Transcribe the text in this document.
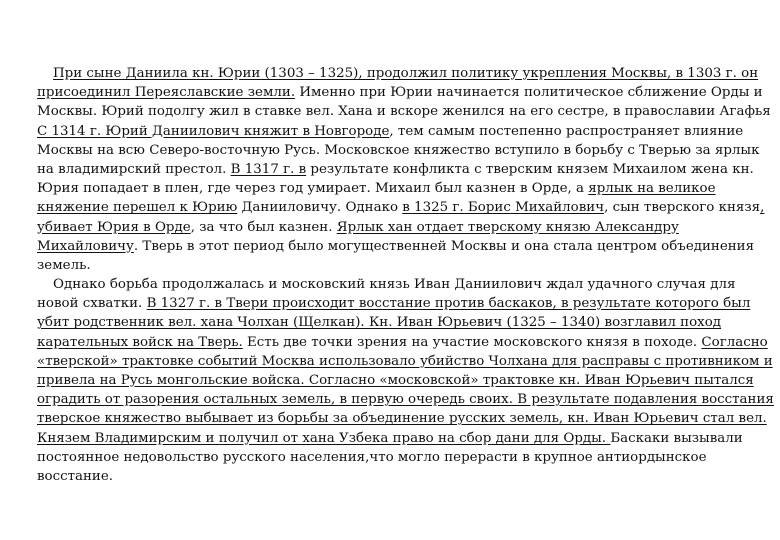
При сыне Даниила кн. Юрии (1303 – 1325), продолжил политику укрепления Москвы, в 1303 г. он
присоединил Переяславские земли. Именно при Юрии начинается политическое сближение Орды и
Москвы. Юрий подолгу жил в ставке вел. Хана и вскоре женился на его сестре, в православии Агафья
С 1314 г. Юрий Даниилович княжит в Новгороде, тем самым постепенно распространяет влияние
Москвы на всю Северо-восточную Русь. Московское княжество вступило в борьбу с Тверью за ярлык
на владимирский престол. В 1317 г. в результате конфликта с тверским князем Михаилом жена кн.
Юрия попадает в плен, где через год умирает. Михаил был казнен в Орде, а ярлык на великое
княжение перешел к Юрию Данииловичу. Однако в 1325 г. Борис Михайлович, сын тверского князя,
убивает Юрия в Орде, за что был казнен. Ярлык хан отдает тверскому князю Александру
Михайловичу. Тверь в этот период было могущественней Москвы и она стала центром объединения
земель.
Однако борьба продолжалась и московский князь Иван Даниилович ждал удачного случая для
новой схватки. В 1327 г. в Твери происходит восстание против баскаков, в результате которого был
убит родственник вел. хана Чолхан (Щелкан). Кн. Иван Юрьевич (1325 – 1340) возглавил поход
карательных войск на Тверь. Есть две точки зрения на участие московского князя в походе. Согласно
«тверской» трактовке событий Москва использовало убийство Чолхана для расправы с противником и
привела на Русь монгольские войска. Согласно «московской» трактовке кн. Иван Юрьевич пытался
оградить от разорения остальных земель, в первую очередь своих. В результате подавления восстания
тверское княжество выбывает из борьбы за объединение русских земель, кн. Иван Юрьевич стал вел.
Князем Владимирским и получил от хана Узбека право на сбор дани для Орды. Баскаки вызывали
постоянное недовольство русского населения,что могло перерасти в крупное антиордынское
восстание.
